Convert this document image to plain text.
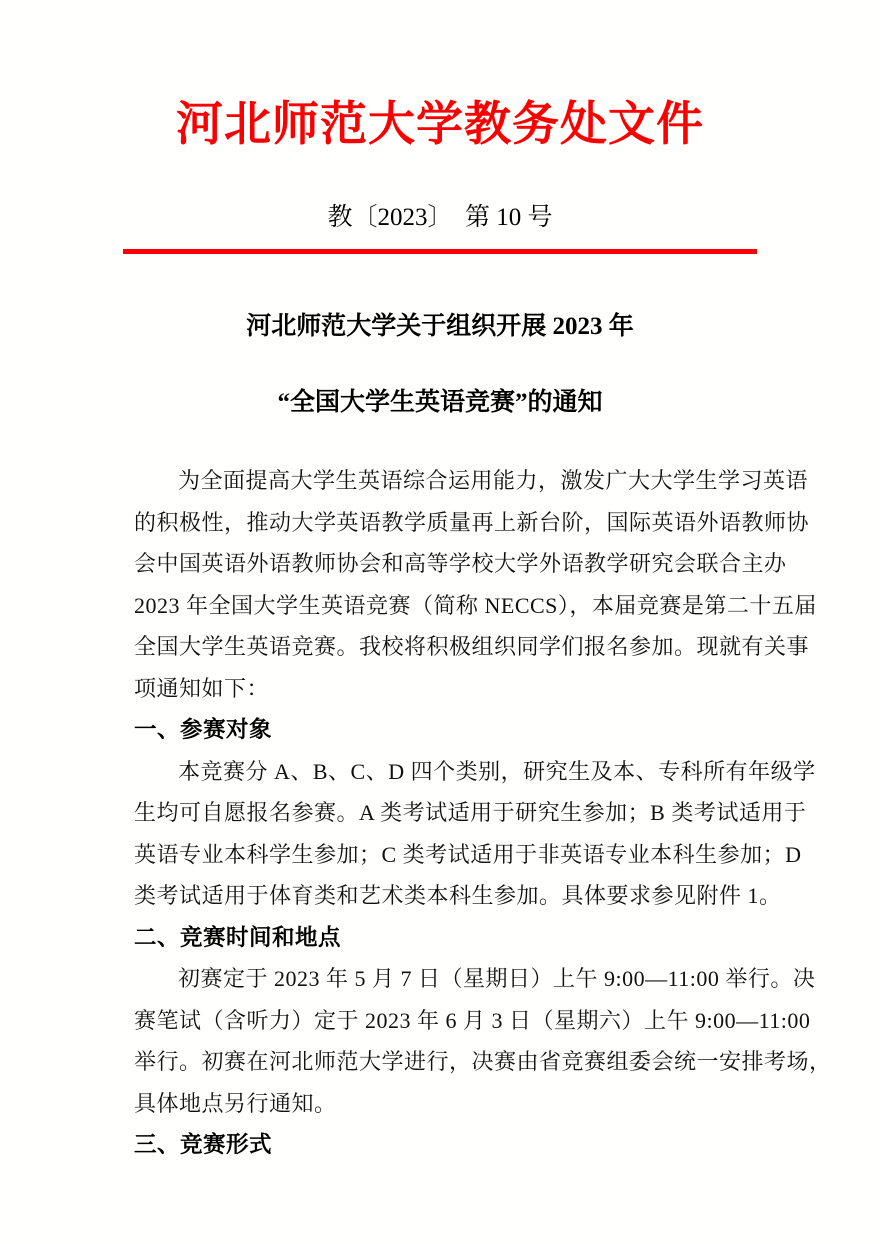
河北师范大学教务处文件
教〔2023〕　第 10 号
河北师范大学关于组织开展 2023 年
“全国大学生英语竞赛”的通知
为全面提高大学生英语综合运用能力，激发广大大学生学习英语
的积极性，推动大学英语教学质量再上新台阶，国际英语外语教师协
会中国英语外语教师协会和高等学校大学外语教学研究会联合主办
2023 年全国大学生英语竞赛（简称 NECCS），本届竞赛是第二十五届
全国大学生英语竞赛。我校将积极组织同学们报名参加。现就有关事
项通知如下：
一、参赛对象
本竞赛分 A、B、C、D 四个类别，研究生及本、专科所有年级学
生均可自愿报名参赛。A 类考试适用于研究生参加；B 类考试适用于
英语专业本科学生参加；C 类考试适用于非英语专业本科生参加；D
类考试适用于体育类和艺术类本科生参加。具体要求参见附件 1。
二、竞赛时间和地点
初赛定于 2023 年 5 月 7 日（星期日）上午 9:00—11:00 举行。决
赛笔试（含听力）定于 2023 年 6 月 3 日（星期六）上午 9:00—11:00
举行。初赛在河北师范大学进行，决赛由省竞赛组委会统一安排考场，
具体地点另行通知。
三、竞赛形式
